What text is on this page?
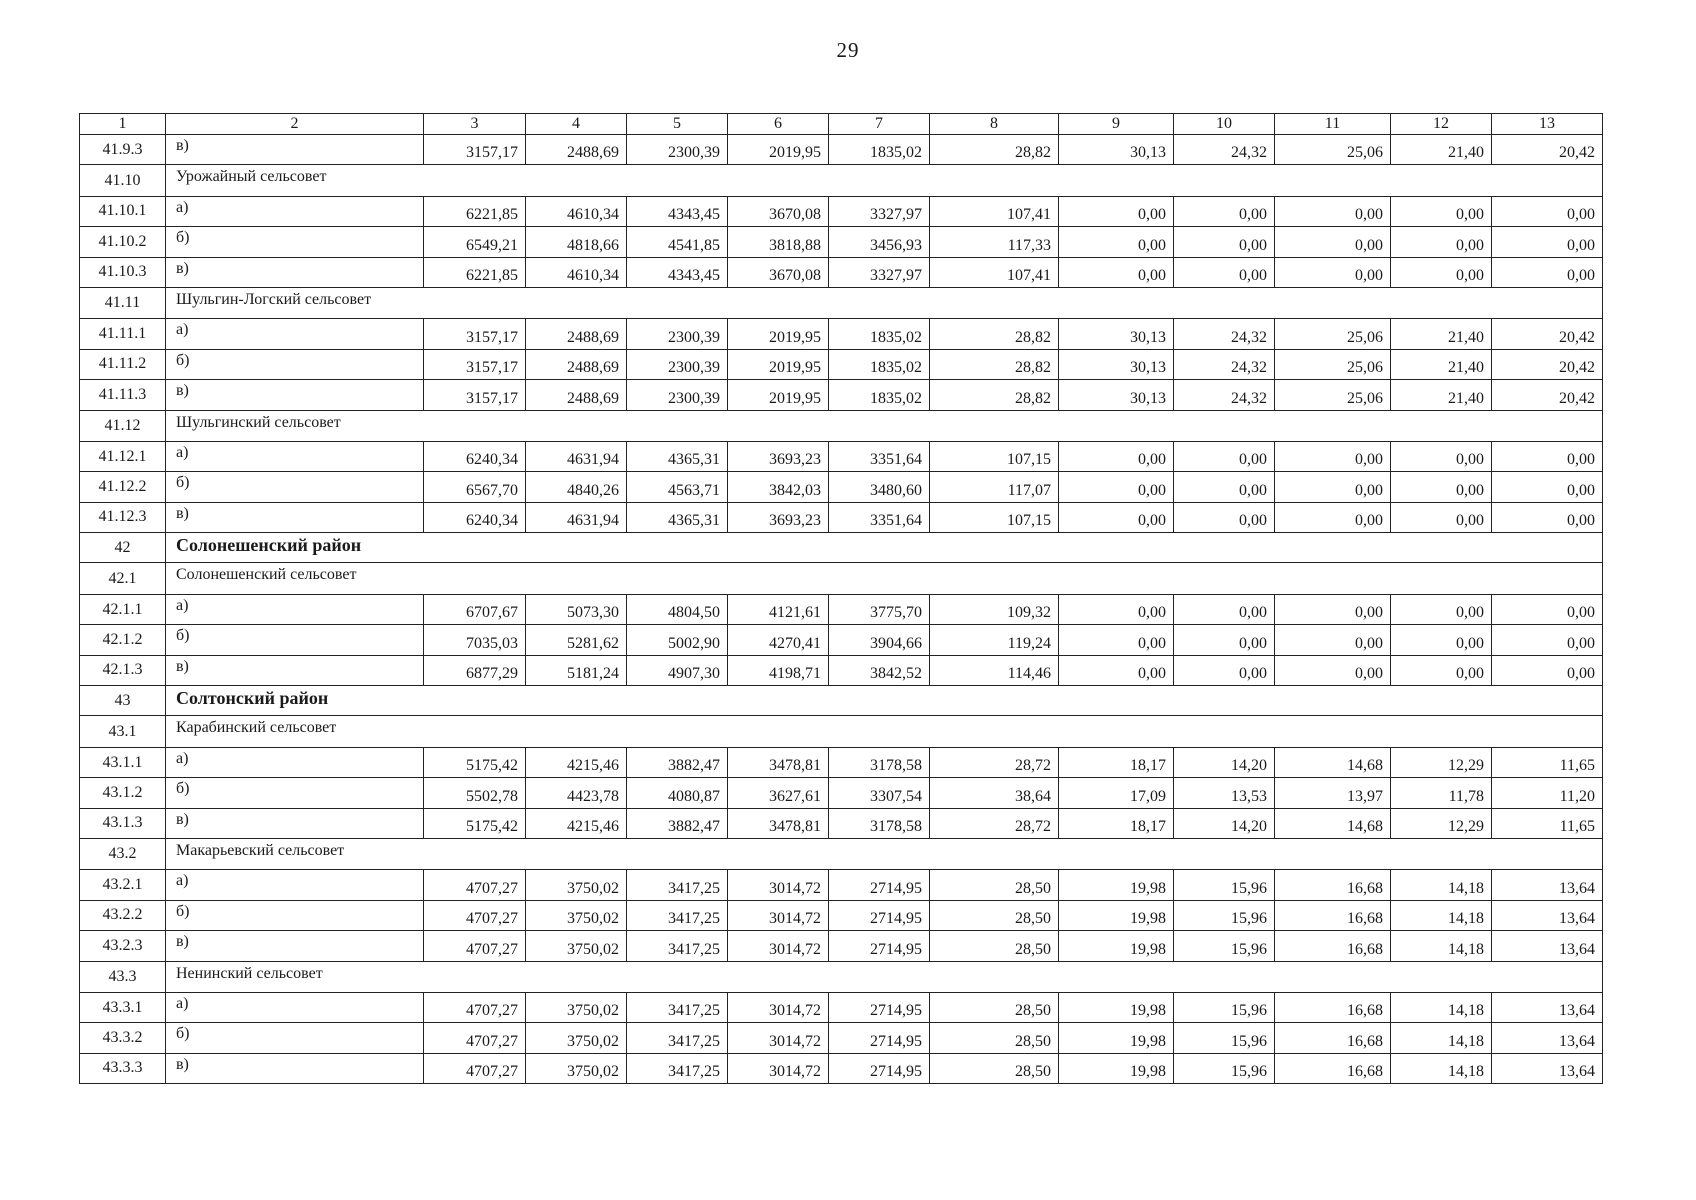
29
1	2	3	4	5	6	7	8	9	10	11	12	13
41.9.3	в)	3157,17	2488,69	2300,39	2019,95	1835,02	28,82	30,13	24,32	25,06	21,40	20,42
41.10	Урожайный сельсовет											
41.10.1	а)	6221,85	4610,34	4343,45	3670,08	3327,97	107,41	0,00	0,00	0,00	0,00	0,00
41.10.2	б)	6549,21	4818,66	4541,85	3818,88	3456,93	117,33	0,00	0,00	0,00	0,00	0,00
41.10.3	в)	6221,85	4610,34	4343,45	3670,08	3327,97	107,41	0,00	0,00	0,00	0,00	0,00
41.11	Шульгин-Логский сельсовет											
41.11.1	а)	3157,17	2488,69	2300,39	2019,95	1835,02	28,82	30,13	24,32	25,06	21,40	20,42
41.11.2	б)	3157,17	2488,69	2300,39	2019,95	1835,02	28,82	30,13	24,32	25,06	21,40	20,42
41.11.3	в)	3157,17	2488,69	2300,39	2019,95	1835,02	28,82	30,13	24,32	25,06	21,40	20,42
41.12	Шульгинский сельсовет											
41.12.1	а)	6240,34	4631,94	4365,31	3693,23	3351,64	107,15	0,00	0,00	0,00	0,00	0,00
41.12.2	б)	6567,70	4840,26	4563,71	3842,03	3480,60	117,07	0,00	0,00	0,00	0,00	0,00
41.12.3	в)	6240,34	4631,94	4365,31	3693,23	3351,64	107,15	0,00	0,00	0,00	0,00	0,00
42	Солонешенский район											
42.1	Солонешенский сельсовет											
42.1.1	а)	6707,67	5073,30	4804,50	4121,61	3775,70	109,32	0,00	0,00	0,00	0,00	0,00
42.1.2	б)	7035,03	5281,62	5002,90	4270,41	3904,66	119,24	0,00	0,00	0,00	0,00	0,00
42.1.3	в)	6877,29	5181,24	4907,30	4198,71	3842,52	114,46	0,00	0,00	0,00	0,00	0,00
43	Солтонский район											
43.1	Карабинский сельсовет											
43.1.1	а)	5175,42	4215,46	3882,47	3478,81	3178,58	28,72	18,17	14,20	14,68	12,29	11,65
43.1.2	б)	5502,78	4423,78	4080,87	3627,61	3307,54	38,64	17,09	13,53	13,97	11,78	11,20
43.1.3	в)	5175,42	4215,46	3882,47	3478,81	3178,58	28,72	18,17	14,20	14,68	12,29	11,65
43.2	Макарьевский сельсовет											
43.2.1	а)	4707,27	3750,02	3417,25	3014,72	2714,95	28,50	19,98	15,96	16,68	14,18	13,64
43.2.2	б)	4707,27	3750,02	3417,25	3014,72	2714,95	28,50	19,98	15,96	16,68	14,18	13,64
43.2.3	в)	4707,27	3750,02	3417,25	3014,72	2714,95	28,50	19,98	15,96	16,68	14,18	13,64
43.3	Ненинский сельсовет											
43.3.1	а)	4707,27	3750,02	3417,25	3014,72	2714,95	28,50	19,98	15,96	16,68	14,18	13,64
43.3.2	б)	4707,27	3750,02	3417,25	3014,72	2714,95	28,50	19,98	15,96	16,68	14,18	13,64
43.3.3	в)	4707,27	3750,02	3417,25	3014,72	2714,95	28,50	19,98	15,96	16,68	14,18	13,64
